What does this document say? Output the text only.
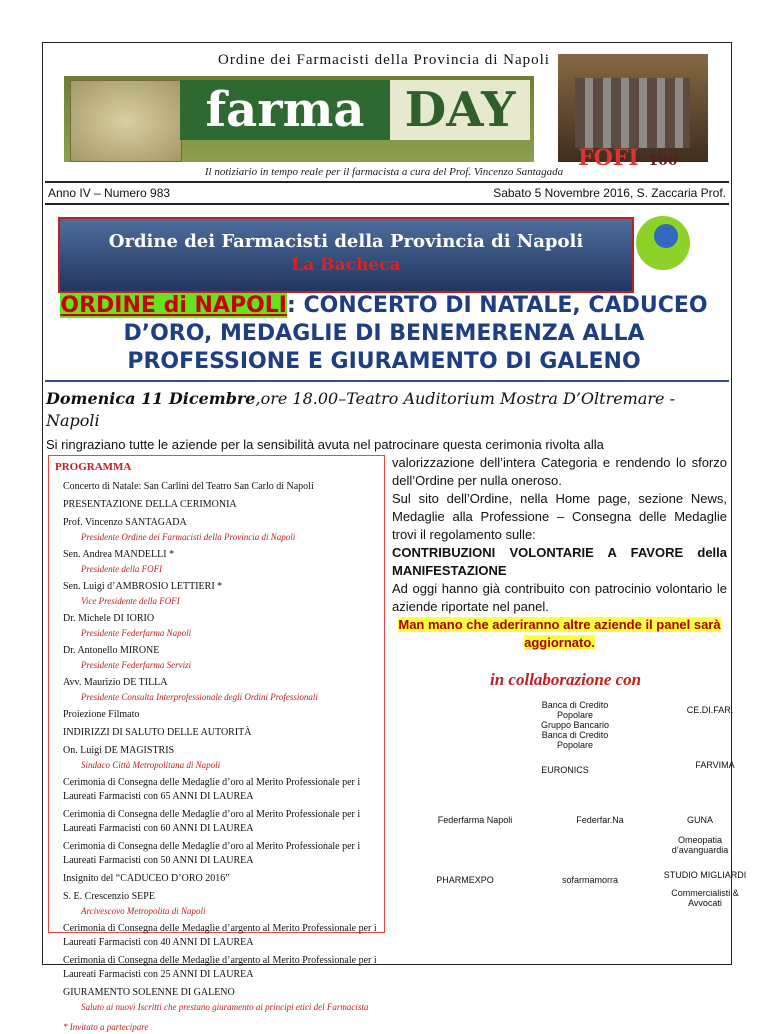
Ordine dei Farmacisti della Provincia di Napoli
farma DAY
FOFI 100
Il notiziario in tempo reale per il farmacista a cura del Prof. Vincenzo Santagada
Anno IV – Numero 983	Sabato 5 Novembre 2016, S. Zaccaria Prof.
Ordine dei Farmacisti della Provincia di Napoli
La Bacheca
ORDINE di NAPOLI: CONCERTO DI NATALE, CADUCEO D’ORO, MEDAGLIE DI BENEMERENZA ALLA PROFESSIONE E GIURAMENTO DI GALENO
Domenica 11 Dicembre,ore 18.00–Teatro Auditorium Mostra D’Oltremare - Napoli
Si ringraziano tutte le aziende per la sensibilità avuta nel patrocinare questa cerimonia rivolta alla
PROGRAMMA
Concerto di Natale: San Carlini del Teatro San Carlo di Napoli
PRESENTAZIONE DELLA CERIMONIA
Prof. Vincenzo SANTAGADA
Presidente Ordine dei Farmacisti della Provincia di Napoli
Sen. Andrea MANDELLI *
Presidente della FOFI
Sen. Luigi d’AMBROSIO LETTIERI *
Vice Presidente della FOFI
Dr. Michele DI IORIO
Presidente Federfarma Napoli
Dr. Antonello MIRONE
Presidente Federfarma Servizi
Avv. Maurizio DE TILLA
Presidente Consulta Interprofessionale degli Ordini Professionali
Proiezione Filmato
INDIRIZZI DI SALUTO DELLE AUTORITÀ
On. Luigi DE MAGISTRIS
Sindaco Città Metropolitana di Napoli
Cerimonia di Consegna delle Medaglie d’oro al Merito Professionale per i Laureati Farmacisti con 65 ANNI DI LAUREA
Cerimonia di Consegna delle Medaglie d’oro al Merito Professionale per i Laureati Farmacisti con 60 ANNI DI LAUREA
Cerimonia di Consegna delle Medaglie d’oro al Merito Professionale per i Laureati Farmacisti con 50 ANNI DI LAUREA
Insignito del “CADUCEO D’ORO 2016”
S. E. Crescenzio SEPE
Arcivescovo Metropolita di Napoli
Cerimonia di Consegna delle Medaglie d’argento al Merito Professionale per i Laureati Farmacisti con 40 ANNI DI LAUREA
Cerimonia di Consegna delle Medaglie d’argento al Merito Professionale per i Laureati Farmacisti con 25 ANNI DI LAUREA
GIURAMENTO SOLENNE DI GALENO
Saluto ai nuovi Iscritti che prestano giuramento ai principi etici del Farmacista
* Invitato a partecipare
valorizzazione dell’intera Categoria e rendendo lo sforzo dell’Ordine per nulla oneroso.
Sul sito dell’Ordine, nella Home page, sezione News, Medaglie alla Professione – Consegna delle Medaglie trovi il regolamento sulle:
CONTRIBUZIONI VOLONTARIE A FAVORE della MANIFESTAZIONE
Ad oggi hanno già contribuito con patrocinio volontario le aziende riportate nel panel.
Man mano che aderiranno altre aziende il panel sarà aggiornato.
in collaborazione con
Banca di Credito Popolare
Gruppo Bancario Banca di Credito Popolare
CE.DI.FAR.
EURONICS	FARVIMA
Federfarma Napoli	Federfar.Na	GUNA
Omeopatia d’avanguardia
PHARMEXPO	sofarmamorra	STUDIO MIGLIARDI
Commercialisti & Avvocati
